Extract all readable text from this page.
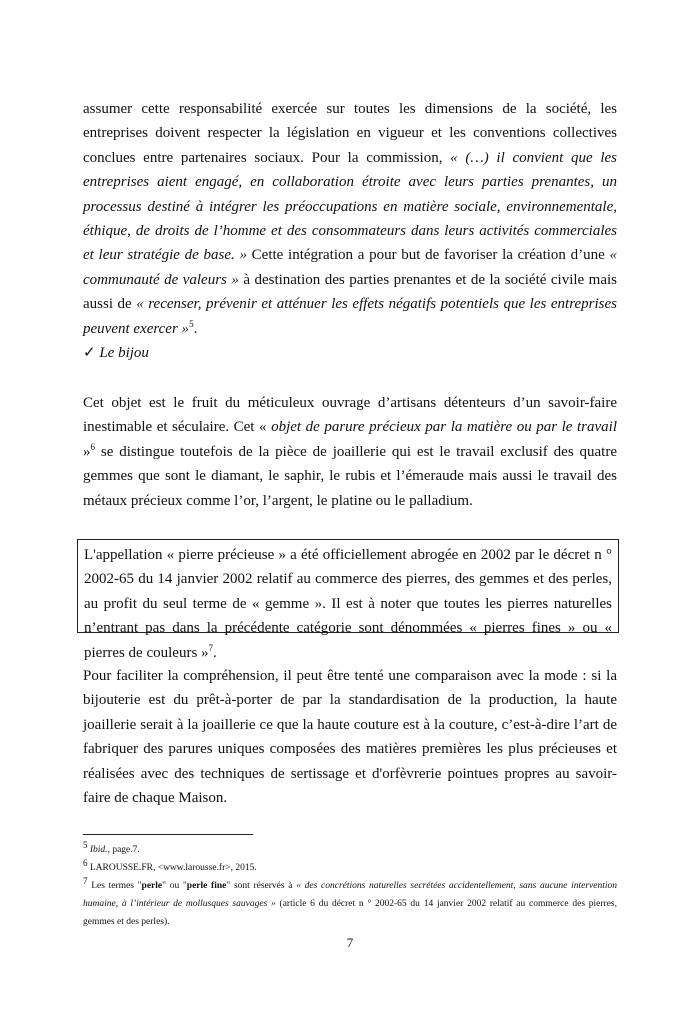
assumer cette responsabilité exercée sur toutes les dimensions de la société, les entreprises doivent respecter la législation en vigueur et les conventions collectives conclues entre partenaires sociaux. Pour la commission, « (…) il convient que les entreprises aient engagé, en collaboration étroite avec leurs parties prenantes, un processus destiné à intégrer les préoccupations en matière sociale, environnementale, éthique, de droits de l’homme et des consommateurs dans leurs activités commerciales et leur stratégie de base. » Cette intégration a pour but de favoriser la création d’une « communauté de valeurs » à destination des parties prenantes et de la société civile mais aussi de « recenser, prévenir et atténuer les effets négatifs potentiels que les entreprises peuvent exercer »$^5$.

✓ Le bijou

Cet objet est le fruit du méticuleux ouvrage d’artisans détenteurs d’un savoir-faire inestimable et séculaire. Cet « objet de parure précieux par la matière ou par le travail »$^6$ se distingue toutefois de la pièce de joaillerie qui est le travail exclusif des quatre gemmes que sont le diamant, le saphir, le rubis et l’émeraude mais aussi le travail des métaux précieux comme l’or, l’argent, le platine ou le palladium.

L'appellation « pierre précieuse » a été officiellement abrogée en 2002 par le décret n ° 2002-65 du 14 janvier 2002 relatif au commerce des pierres, des gemmes et des perles, au profit du seul terme de « gemme ». Il est à noter que toutes les pierres naturelles n’entrant pas dans la précédente catégorie sont dénommées « pierres fines » ou « pierres de couleurs »$^7$.

Pour faciliter la compréhension, il peut être tenté une comparaison avec la mode : si la bijouterie est du prêt-à-porter de par la standardisation de la production, la haute joaillerie serait à la joaillerie ce que la haute couture est à la couture, c’est-à-dire l’art de fabriquer des parures uniques composées des matières premières les plus précieuses et réalisées avec des techniques de sertissage et d'orfèvrerie pointues propres au savoir-faire de chaque Maison.

$^5$ Ibid., page.7.

$^6$ LAROUSSE.FR, <www.larousse.fr>, 2015.

$^7$ Les termes "perle" ou "perle fine" sont réservés à « des concrétions naturelles secrétées accidentellement, sans aucune intervention humaine, à l’intérieur de mollusques sauvages » (article 6 du décret n ° 2002-65 du 14 janvier 2002 relatif au commerce des pierres, gemmes et des perles).

7
